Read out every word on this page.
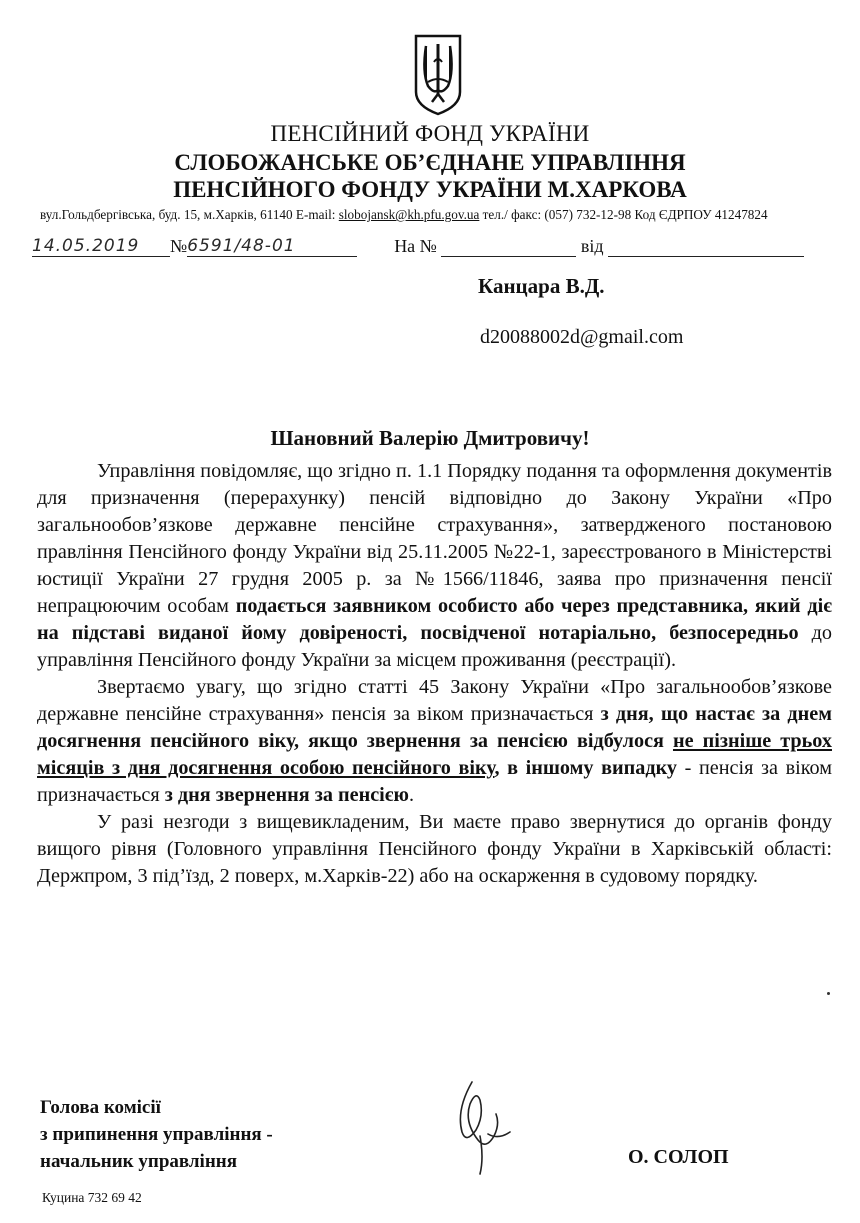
ПЕНСІЙНИЙ ФОНД УКРАЇНИ
СЛОБОЖАНСЬКЕ ОБ’ЄДНАНЕ УПРАВЛІННЯ
ПЕНСІЙНОГО ФОНДУ УКРАЇНИ М.ХАРКОВА
вул.Гольдбергівська, буд. 15, м.Харків, 61140 E-mail: slobojansk@kh.pfu.gov.ua тел./ факс: (057) 732-12-98 Код ЄДРПОУ 41247824
14.05.2019 №6591/48-01	На №	від
Канцара В.Д.
d20088002d@gmail.com
Шановний Валерію Дмитровичу!

Управління повідомляє, що згідно п. 1.1 Порядку подання та оформлення документів для призначення (перерахунку) пенсій відповідно до Закону України «Про загальнообов’язкове державне пенсійне страхування», затвердженого постановою правління Пенсійного фонду України від 25.11.2005 №22-1, зареєстрованого в Міністерстві юстиції України 27 грудня 2005 р. за №1566/11846, заява про призначення пенсії непрацюючим особам подається заявником особисто або через представника, який діє на підставі виданої йому довіреності, посвідченої нотаріально, безпосередньо до управління Пенсійного фонду України за місцем проживання (реєстрації).

Звертаємо увагу, що згідно статті 45 Закону України «Про загальнообов’язкове державне пенсійне страхування» пенсія за віком призначається з дня, що настає за днем досягнення пенсійного віку, якщо звернення за пенсією відбулося не пізніше трьох місяців з дня досягнення особою пенсійного віку, в іншому випадку - пенсія за віком призначається з дня звернення за пенсією.

У разі незгоди з вищевикладеним, Ви маєте право звернутися до органів фонду вищого рівня (Головного управління Пенсійного фонду України в Харківській області: Держпром, 3 під’їзд, 2 поверх, м.Харків-22) або на оскарження в судовому порядку.

Голова комісії
з припинення управління -
начальник управління	О. СОЛОП
Куцина 732 69 42
